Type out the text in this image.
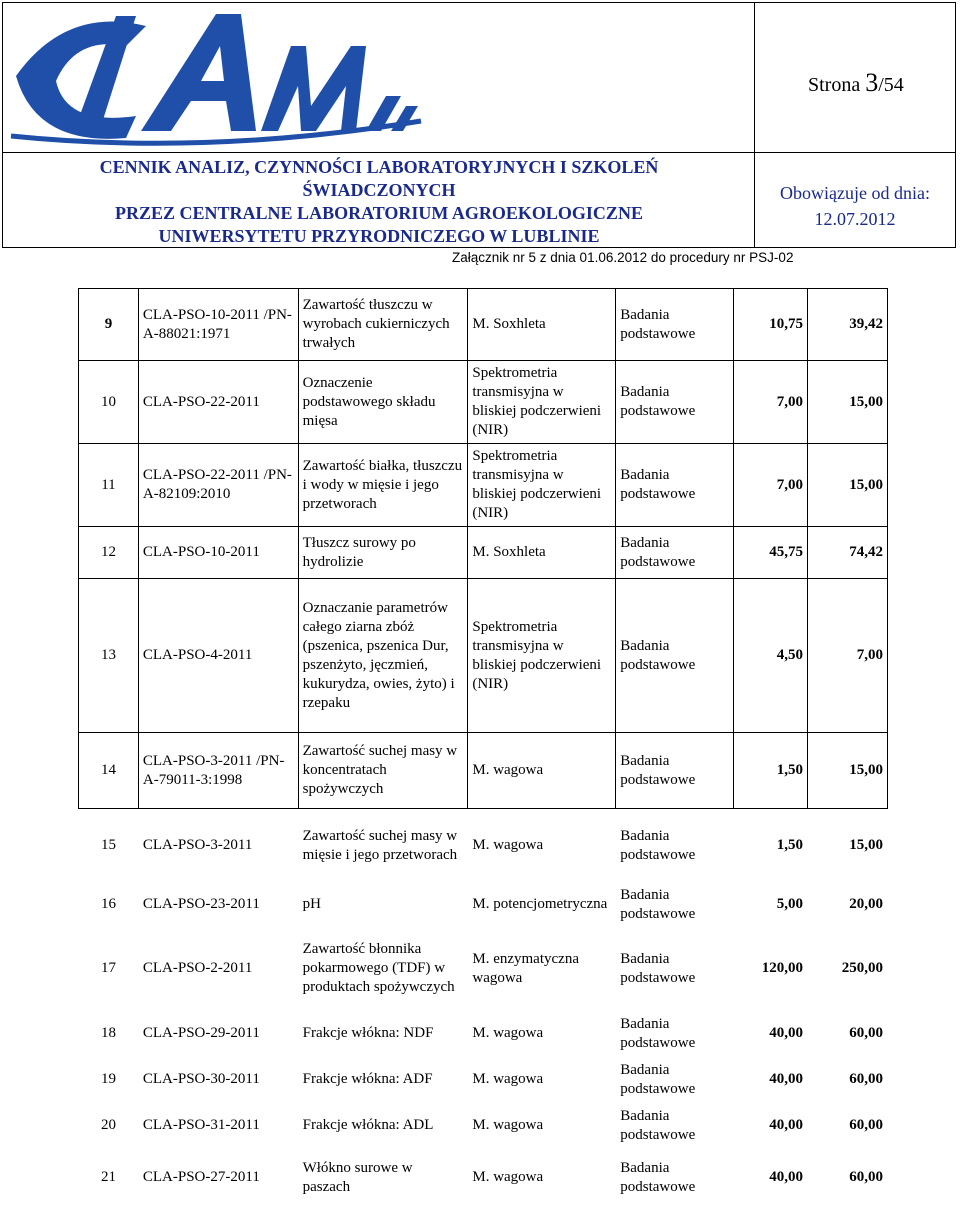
Strona 3/54
CENNIK ANALIZ, CZYNNOŚCI LABORATORYJNYCH I SZKOLEŃ
ŚWIADCZONYCH
PRZEZ CENTRALNE LABORATORIUM AGROEKOLOGICZNE
UNIWERSYTETU PRZYRODNICZEGO W LUBLINIE
Obowiązuje od dnia:
12.07.2012
Załącznik nr 5 z dnia 01.06.2012 do procedury nr PSJ-02
9	CLA-PSO-10-2011 /PN-A-88021:1971	Zawartość tłuszczu w wyrobach cukierniczych trwałych	M. Soxhleta	Badania podstawowe	10,75	39,42
10	CLA-PSO-22-2011	Oznaczenie podstawowego składu mięsa	Spektrometria transmisyjna w bliskiej podczerwieni (NIR)	Badania podstawowe	7,00	15,00
11	CLA-PSO-22-2011 /PN-A-82109:2010	Zawartość białka, tłuszczu i wody w mięsie i jego przetworach	Spektrometria transmisyjna w bliskiej podczerwieni (NIR)	Badania podstawowe	7,00	15,00
12	CLA-PSO-10-2011	Tłuszcz surowy po hydrolizie	M. Soxhleta	Badania podstawowe	45,75	74,42
13	CLA-PSO-4-2011	Oznaczanie parametrów całego ziarna zbóż (pszenica, pszenica Dur, pszenżyto, jęczmień, kukurydza, owies, żyto) i rzepaku	Spektrometria transmisyjna w bliskiej podczerwieni (NIR)	Badania podstawowe	4,50	7,00
14	CLA-PSO-3-2011 /PN-A-79011-3:1998	Zawartość suchej masy w koncentratach spożywczych	M. wagowa	Badania podstawowe	1,50	15,00
15	CLA-PSO-3-2011	Zawartość suchej masy w mięsie i jego przetworach	M. wagowa	Badania podstawowe	1,50	15,00
16	CLA-PSO-23-2011	pH	M. potencjometryczna	Badania podstawowe	5,00	20,00
17	CLA-PSO-2-2011	Zawartość błonnika pokarmowego (TDF) w produktach spożywczych	M. enzymatyczna wagowa	Badania podstawowe	120,00	250,00
18	CLA-PSO-29-2011	Frakcje włókna: NDF	M. wagowa	Badania podstawowe	40,00	60,00
19	CLA-PSO-30-2011	Frakcje włókna: ADF	M. wagowa	Badania podstawowe	40,00	60,00
20	CLA-PSO-31-2011	Frakcje włókna: ADL	M. wagowa	Badania podstawowe	40,00	60,00
21	CLA-PSO-27-2011	Włókno surowe w paszach	M. wagowa	Badania podstawowe	40,00	60,00
